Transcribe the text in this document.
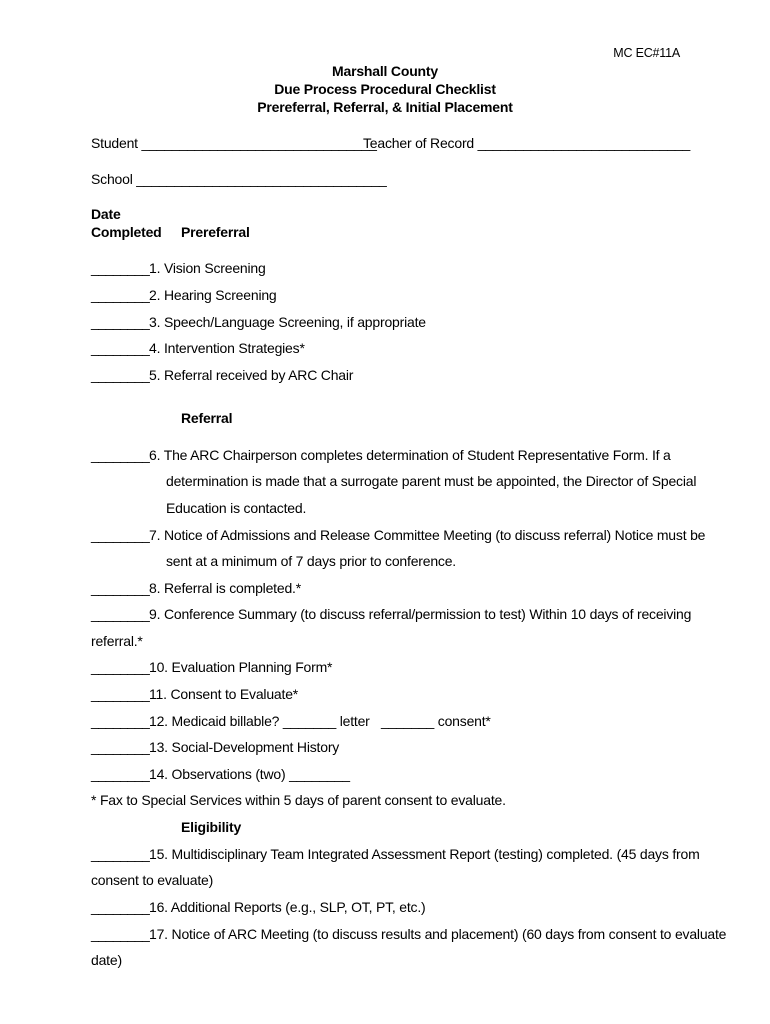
MC EC#11A
Marshall County
Due Process Procedural Checklist
Prereferral, Referral, & Initial Placement
Student _______________________________
Teacher of Record ____________________________
School _________________________________
Date
Completed Prereferral
________ 1. Vision Screening
________ 2. Hearing Screening
________ 3. Speech/Language Screening, if appropriate
________ 4. Intervention Strategies*
________ 5. Referral received by ARC Chair
Referral
________ 6. The ARC Chairperson completes determination of Student Representative Form. If a
determination is made that a surrogate parent must be appointed, the Director of Special
Education is contacted.
________ 7. Notice of Admissions and Release Committee Meeting (to discuss referral) Notice must be
sent at a minimum of 7 days prior to conference.
________ 8. Referral is completed.*
________ 9. Conference Summary (to discuss referral/permission to test) Within 10 days of receiving
referral.*
________ 10. Evaluation Planning Form*
________ 11. Consent to Evaluate*
________ 12. Medicaid billable? _______ letter _______ consent*
________ 13. Social-Development History
________ 14. Observations (two) ________
* Fax to Special Services within 5 days of parent consent to evaluate.
Eligibility
________ 15. Multidisciplinary Team Integrated Assessment Report (testing) completed. (45 days from
consent to evaluate)
________ 16. Additional Reports (e.g., SLP, OT, PT, etc.)
________ 17. Notice of ARC Meeting (to discuss results and placement) (60 days from consent to evaluate
date)
